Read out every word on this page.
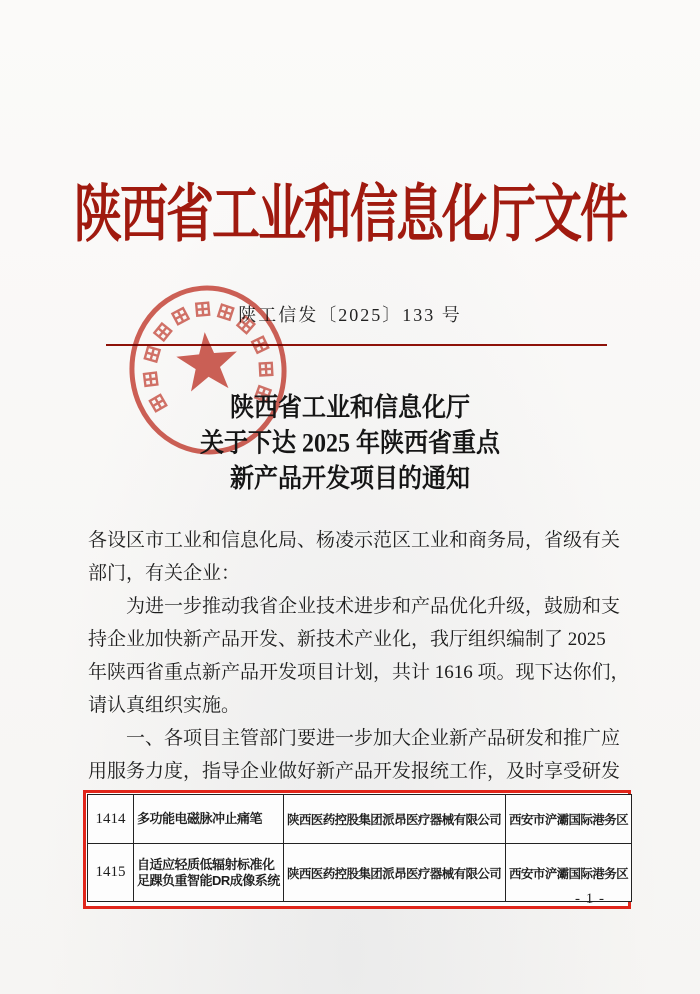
陕西省工业和信息化厅文件
陕工信发〔2025〕133 号
陕西省工业和信息化厅
关于下达 2025 年陕西省重点
新产品开发项目的通知
各设区市工业和信息化局、杨凌示范区工业和商务局，省级有关
部门，有关企业：
为进一步推动我省企业技术进步和产品优化升级，鼓励和支
持企业加快新产品开发、新技术产业化，我厅组织编制了 2025
年陕西省重点新产品开发项目计划，共计 1616 项。现下达你们，
请认真组织实施。
一、各项目主管部门要进一步加大企业新产品研发和推广应
用服务力度，指导企业做好新产品开发报统工作，及时享受研发
1414	多功能电磁脉冲止痛笔	陕西医药控股集团派昂医疗器械有限公司	西安市浐灞国际港务区
1415	自适应轻质低辐射标准化
足踝负重智能DR成像系统	陕西医药控股集团派昂医疗器械有限公司	西安市浐灞国际港务区
- 1 -
